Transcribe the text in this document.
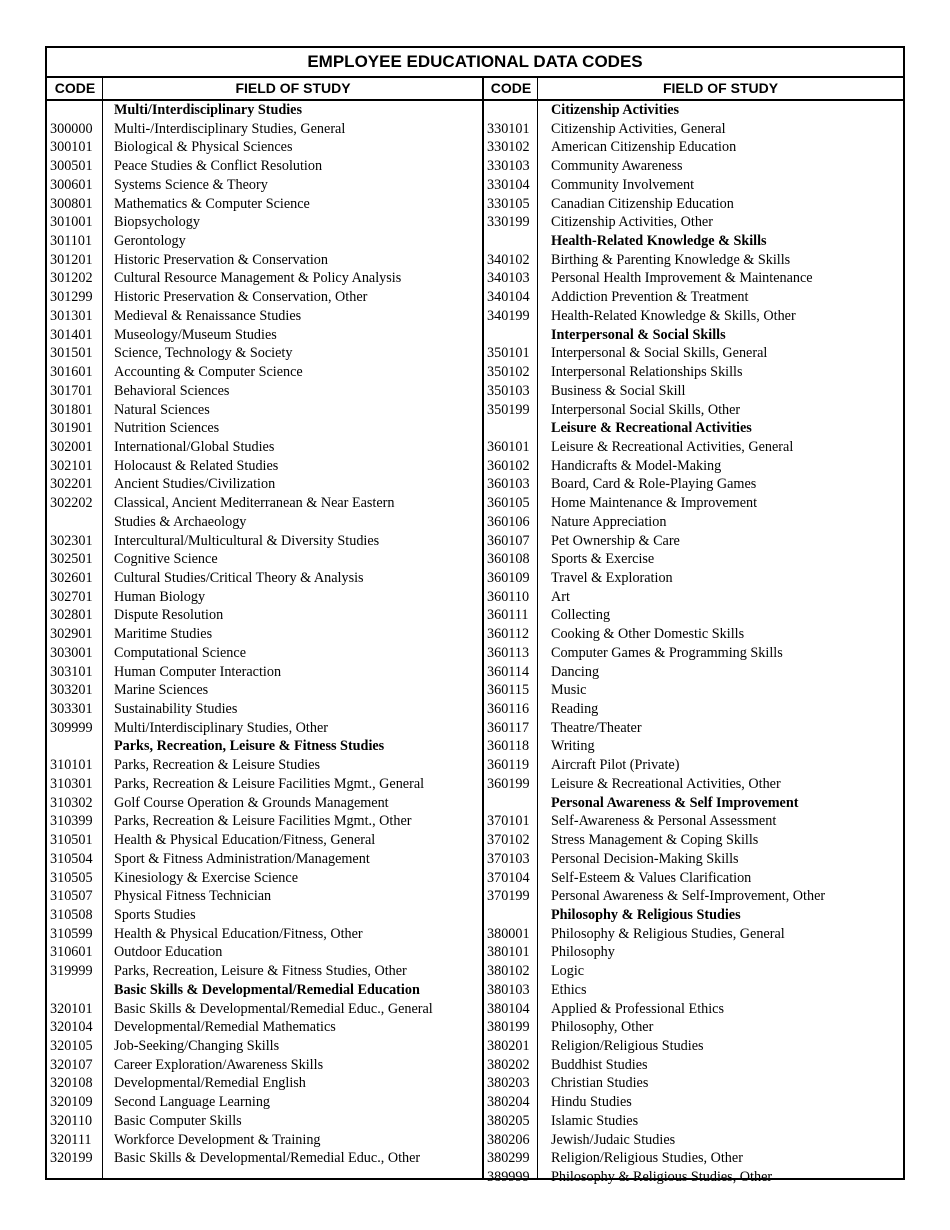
EMPLOYEE EDUCATIONAL DATA CODES
CODE	FIELD OF STUDY	CODE	FIELD OF STUDY
Multi/Interdisciplinary Studies
300000 Multi-/Interdisciplinary Studies, General
300101 Biological & Physical Sciences
300501 Peace Studies & Conflict Resolution
300601 Systems Science & Theory
300801 Mathematics & Computer Science
301001 Biopsychology
301101 Gerontology
301201 Historic Preservation & Conservation
301202 Cultural Resource Management & Policy Analysis
301299 Historic Preservation & Conservation, Other
301301 Medieval & Renaissance Studies
301401 Museology/Museum Studies
301501 Science, Technology & Society
301601 Accounting & Computer Science
301701 Behavioral Sciences
301801 Natural Sciences
301901 Nutrition Sciences
302001 International/Global Studies
302101 Holocaust & Related Studies
302201 Ancient Studies/Civilization
302202 Classical, Ancient Mediterranean & Near Eastern
Studies & Archaeology
302301 Intercultural/Multicultural & Diversity Studies
302501 Cognitive Science
302601 Cultural Studies/Critical Theory & Analysis
302701 Human Biology
302801 Dispute Resolution
302901 Maritime Studies
303001 Computational Science
303101 Human Computer Interaction
303201 Marine Sciences
303301 Sustainability Studies
309999 Multi/Interdisciplinary Studies, Other
Parks, Recreation, Leisure & Fitness Studies
310101 Parks, Recreation & Leisure Studies
310301 Parks, Recreation & Leisure Facilities Mgmt., General
310302 Golf Course Operation & Grounds Management
310399 Parks, Recreation & Leisure Facilities Mgmt., Other
310501 Health & Physical Education/Fitness, General
310504 Sport & Fitness Administration/Management
310505 Kinesiology & Exercise Science
310507 Physical Fitness Technician
310508 Sports Studies
310599 Health & Physical Education/Fitness, Other
310601 Outdoor Education
319999 Parks, Recreation, Leisure & Fitness Studies, Other
Basic Skills & Developmental/Remedial Education
320101 Basic Skills & Developmental/Remedial Educ., General
320104 Developmental/Remedial Mathematics
320105 Job-Seeking/Changing Skills
320107 Career Exploration/Awareness Skills
320108 Developmental/Remedial English
320109 Second Language Learning
320110 Basic Computer Skills
320111 Workforce Development & Training
320199 Basic Skills & Developmental/Remedial Educ., Other
Citizenship Activities
330101 Citizenship Activities, General
330102 American Citizenship Education
330103 Community Awareness
330104 Community Involvement
330105 Canadian Citizenship Education
330199 Citizenship Activities, Other
Health-Related Knowledge & Skills
340102 Birthing & Parenting Knowledge & Skills
340103 Personal Health Improvement & Maintenance
340104 Addiction Prevention & Treatment
340199 Health-Related Knowledge & Skills, Other
Interpersonal & Social Skills
350101 Interpersonal & Social Skills, General
350102 Interpersonal Relationships Skills
350103 Business & Social Skill
350199 Interpersonal Social Skills, Other
Leisure & Recreational Activities
360101 Leisure & Recreational Activities, General
360102 Handicrafts & Model-Making
360103 Board, Card & Role-Playing Games
360105 Home Maintenance & Improvement
360106 Nature Appreciation
360107 Pet Ownership & Care
360108 Sports & Exercise
360109 Travel & Exploration
360110 Art
360111 Collecting
360112 Cooking & Other Domestic Skills
360113 Computer Games & Programming Skills
360114 Dancing
360115 Music
360116 Reading
360117 Theatre/Theater
360118 Writing
360119 Aircraft Pilot (Private)
360199 Leisure & Recreational Activities, Other
Personal Awareness & Self Improvement
370101 Self-Awareness & Personal Assessment
370102 Stress Management & Coping Skills
370103 Personal Decision-Making Skills
370104 Self-Esteem & Values Clarification
370199 Personal Awareness & Self-Improvement, Other
Philosophy & Religious Studies
380001 Philosophy & Religious Studies, General
380101 Philosophy
380102 Logic
380103 Ethics
380104 Applied & Professional Ethics
380199 Philosophy, Other
380201 Religion/Religious Studies
380202 Buddhist Studies
380203 Christian Studies
380204 Hindu Studies
380205 Islamic Studies
380206 Jewish/Judaic Studies
380299 Religion/Religious Studies, Other
389999 Philosophy & Religious Studies, Other
